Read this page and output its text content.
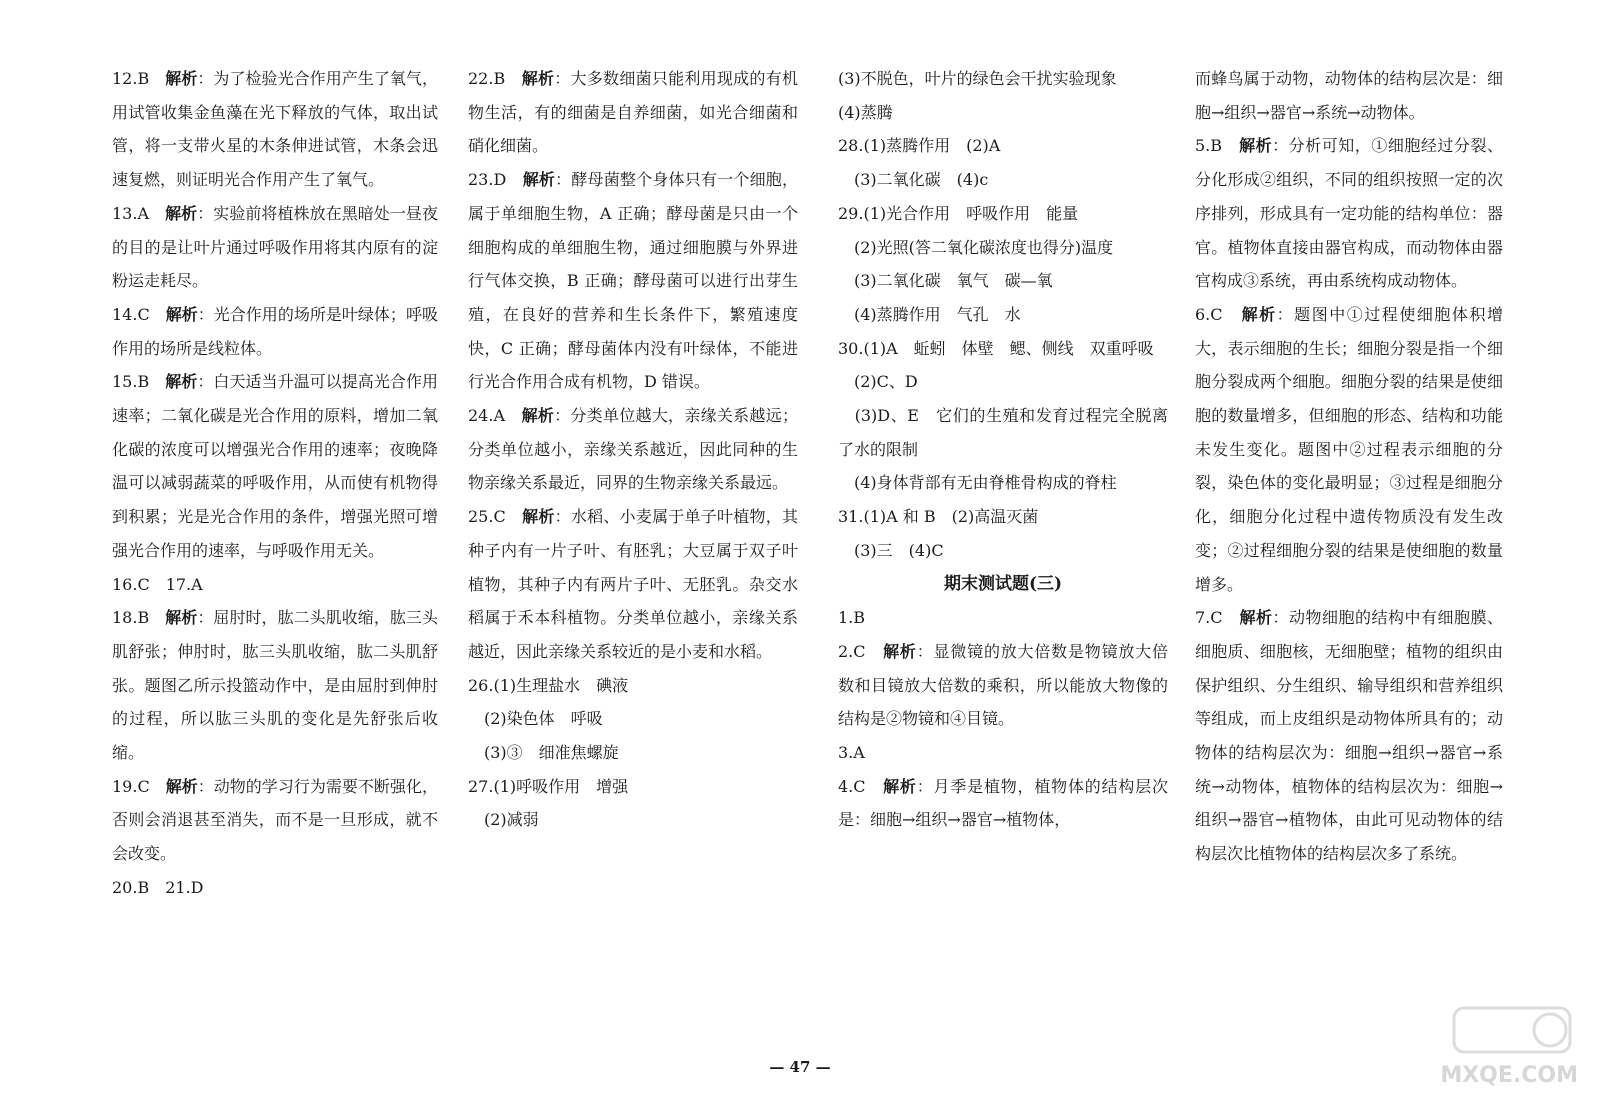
12.B　解析：为了检验光合作用产生了氧气，用试管收集金鱼藻在光下释放的气体，取出试管，将一支带火星的木条伸进试管，木条会迅速复燃，则证明光合作用产生了氧气。
13.A　解析：实验前将植株放在黑暗处一昼夜的目的是让叶片通过呼吸作用将其内原有的淀粉运走耗尽。
14.C　解析：光合作用的场所是叶绿体；呼吸作用的场所是线粒体。
15.B　解析：白天适当升温可以提高光合作用速率；二氧化碳是光合作用的原料，增加二氧化碳的浓度可以增强光合作用的速率；夜晚降温可以减弱蔬菜的呼吸作用，从而使有机物得到积累；光是光合作用的条件，增强光照可增强光合作用的速率，与呼吸作用无关。
16.C　17.A
18.B　解析：屈肘时，肱二头肌收缩，肱三头肌舒张；伸肘时，肱三头肌收缩，肱二头肌舒张。题图乙所示投篮动作中，是由屈肘到伸肘的过程，所以肱三头肌的变化是先舒张后收缩。
19.C　解析：动物的学习行为需要不断强化，否则会消退甚至消失，而不是一旦形成，就不会改变。
20.B　21.D
22.B　解析：大多数细菌只能利用现成的有机物生活，有的细菌是自养细菌，如光合细菌和硝化细菌。
23.D　解析：酵母菌整个身体只有一个细胞，属于单细胞生物，A 正确；酵母菌是只由一个细胞构成的单细胞生物，通过细胞膜与外界进行气体交换，B 正确；酵母菌可以进行出芽生殖，在良好的营养和生长条件下，繁殖速度快，C 正确；酵母菌体内没有叶绿体，不能进行光合作用合成有机物，D 错误。
24.A　解析：分类单位越大，亲缘关系越远；分类单位越小，亲缘关系越近，因此同种的生物亲缘关系最近，同界的生物亲缘关系最远。
25.C　解析：水稻、小麦属于单子叶植物，其种子内有一片子叶、有胚乳；大豆属于双子叶植物，其种子内有两片子叶、无胚乳。杂交水稻属于禾本科植物。分类单位越小，亲缘关系越近，因此亲缘关系较近的是小麦和水稻。
26.(1)生理盐水　碘液
　(2)染色体　呼吸
　(3)③　细准焦螺旋
27.(1)呼吸作用　增强
　(2)减弱
(3)不脱色，叶片的绿色会干扰实验现象
(4)蒸腾
28.(1)蒸腾作用　(2)A
　(3)二氧化碳　(4)c
29.(1)光合作用　呼吸作用　能量
　(2)光照(答二氧化碳浓度也得分)温度
　(3)二氧化碳　氧气　碳—氧
　(4)蒸腾作用　气孔　水
30.(1)A　蚯蚓　体壁　鳃、侧线　双重呼吸
　(2)C、D
　(3)D、E　它们的生殖和发育过程完全脱离了水的限制
　(4)身体背部有无由脊椎骨构成的脊柱
31.(1)A 和 B　(2)高温灭菌
　(3)三　(4)C
期末测试题(三)
1.B
2.C　解析：显微镜的放大倍数是物镜放大倍数和目镜放大倍数的乘积，所以能放大物像的结构是②物镜和④目镜。
3.A
4.C　解析：月季是植物，植物体的结构层次是：细胞→组织→器官→植物体，
而蜂鸟属于动物，动物体的结构层次是：细胞→组织→器官→系统→动物体。
5.B　解析：分析可知，①细胞经过分裂、分化形成②组织，不同的组织按照一定的次序排列，形成具有一定功能的结构单位：器官。植物体直接由器官构成，而动物体由器官构成③系统，再由系统构成动物体。
6.C　解析：题图中①过程使细胞体积增大，表示细胞的生长；细胞分裂是指一个细胞分裂成两个细胞。细胞分裂的结果是使细胞的数量增多，但细胞的形态、结构和功能未发生变化。题图中②过程表示细胞的分裂，染色体的变化最明显；③过程是细胞分化，细胞分化过程中遗传物质没有发生改变；②过程细胞分裂的结果是使细胞的数量增多。
7.C　解析：动物细胞的结构中有细胞膜、细胞质、细胞核，无细胞壁；植物的组织由保护组织、分生组织、输导组织和营养组织等组成，而上皮组织是动物体所具有的；动物体的结构层次为：细胞→组织→器官→系统→动物体，植物体的结构层次为：细胞→组织→器官→植物体，由此可见动物体的结构层次比植物体的结构层次多了系统。
— 47 —	MXQE.COM
